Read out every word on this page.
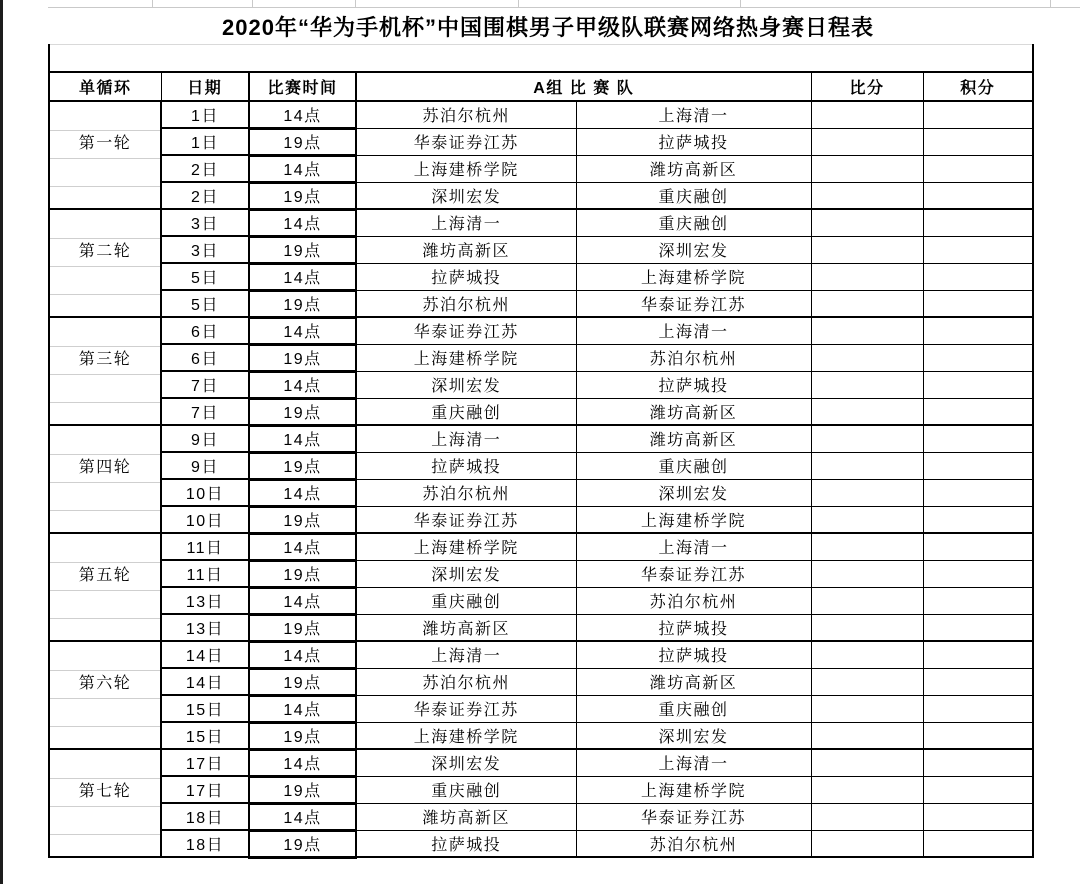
2020年“华为手机杯”中国围棋男子甲级队联赛网络热身赛日程表

单循环	日期	比赛时间	A组 比 赛 队		比分	积分
第一轮	1日	14点	苏泊尔杭州	上海清一		
	1日	19点	华泰证券江苏	拉萨城投		
	2日	14点	上海建桥学院	潍坊高新区		
	2日	19点	深圳宏发	重庆融创		
第二轮	3日	14点	上海清一	重庆融创		
	3日	19点	潍坊高新区	深圳宏发		
	5日	14点	拉萨城投	上海建桥学院		
	5日	19点	苏泊尔杭州	华泰证券江苏		
第三轮	6日	14点	华泰证券江苏	上海清一		
	6日	19点	上海建桥学院	苏泊尔杭州		
	7日	14点	深圳宏发	拉萨城投		
	7日	19点	重庆融创	潍坊高新区		
第四轮	9日	14点	上海清一	潍坊高新区		
	9日	19点	拉萨城投	重庆融创		
	10日	14点	苏泊尔杭州	深圳宏发		
	10日	19点	华泰证券江苏	上海建桥学院		
第五轮	11日	14点	上海建桥学院	上海清一		
	11日	19点	深圳宏发	华泰证券江苏		
	13日	14点	重庆融创	苏泊尔杭州		
	13日	19点	潍坊高新区	拉萨城投		
第六轮	14日	14点	上海清一	拉萨城投		
	14日	19点	苏泊尔杭州	潍坊高新区		
	15日	14点	华泰证券江苏	重庆融创		
	15日	19点	上海建桥学院	深圳宏发		
第七轮	17日	14点	深圳宏发	上海清一		
	17日	19点	重庆融创	上海建桥学院		
	18日	14点	潍坊高新区	华泰证券江苏		
	18日	19点	拉萨城投	苏泊尔杭州		
